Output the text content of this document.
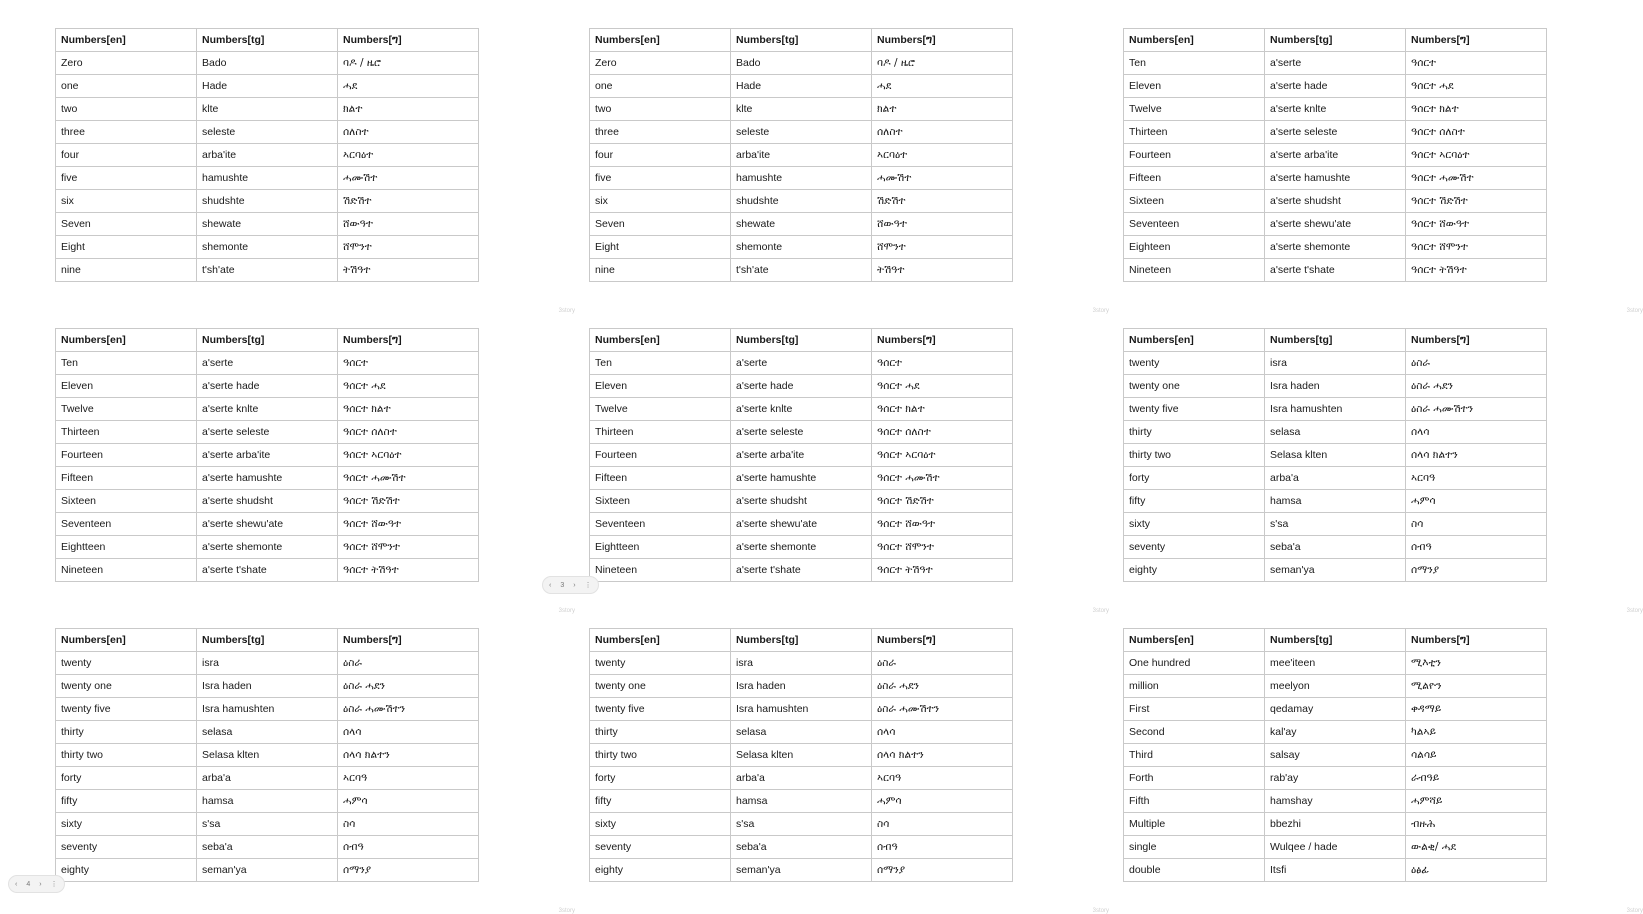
Numbers[en]	Numbers[tg]	Numbers[ግ]
Zero	Bado	ባዶ / ዜሮ
one	Hade	ሓደ
two	klte	ክልተ
three	seleste	ሰለስተ
four	arba'ite	ኣርባዕተ
five	hamushte	ሓሙሽተ
six	shudshte	ሽድሽተ
Seven	shewate	ሸውዓተ
Eight	shemonte	ሸሞንተ
nine	t'sh'ate	ትሽዓተ
3story
Numbers[en]	Numbers[tg]	Numbers[ግ]
Zero	Bado	ባዶ / ዜሮ
one	Hade	ሓደ
two	klte	ክልተ
three	seleste	ሰለስተ
four	arba'ite	ኣርባዕተ
five	hamushte	ሓሙሽተ
six	shudshte	ሽድሽተ
Seven	shewate	ሸውዓተ
Eight	shemonte	ሸሞንተ
nine	t'sh'ate	ትሽዓተ
3story
Numbers[en]	Numbers[tg]	Numbers[ግ]
Ten	a'serte	ዓሰርተ
Eleven	a'serte hade	ዓሰርተ ሓደ
Twelve	a'serte knlte	ዓሰርተ ክልተ
Thirteen	a'serte seleste	ዓሰርተ ሰለስተ
Fourteen	a'serte arba'ite	ዓሰርተ ኣርባዕተ
Fifteen	a'serte hamushte	ዓሰርተ ሓሙሽተ
Sixteen	a'serte shudsht	ዓሰርተ ሽድሽተ
Seventeen	a'serte shewu'ate	ዓሰርተ ሸውዓተ
Eighteen	a'serte shemonte	ዓሰርተ ሸሞንተ
Nineteen	a'serte t'shate	ዓሰርተ ትሽዓተ
3story
Numbers[en]	Numbers[tg]	Numbers[ግ]
Ten	a'serte	ዓሰርተ
Eleven	a'serte hade	ዓሰርተ ሓደ
Twelve	a'serte knlte	ዓሰርተ ክልተ
Thirteen	a'serte seleste	ዓሰርተ ሰለስተ
Fourteen	a'serte arba'ite	ዓሰርተ ኣርባዕተ
Fifteen	a'serte hamushte	ዓሰርተ ሓሙሽተ
Sixteen	a'serte shudsht	ዓሰርተ ሽድሽተ
Seventeen	a'serte shewu'ate	ዓሰርተ ሸውዓተ
Eightteen	a'serte shemonte	ዓሰርተ ሸሞንተ
Nineteen	a'serte t'shate	ዓሰርተ ትሽዓተ
3story
Numbers[en]	Numbers[tg]	Numbers[ግ]
Ten	a'serte	ዓሰርተ
Eleven	a'serte hade	ዓሰርተ ሓደ
Twelve	a'serte knlte	ዓሰርተ ክልተ
Thirteen	a'serte seleste	ዓሰርተ ሰለስተ
Fourteen	a'serte arba'ite	ዓሰርተ ኣርባዕተ
Fifteen	a'serte hamushte	ዓሰርተ ሓሙሽተ
Sixteen	a'serte shudsht	ዓሰርተ ሽድሽተ
Seventeen	a'serte shewu'ate	ዓሰርተ ሸውዓተ
Eightteen	a'serte shemonte	ዓሰርተ ሸሞንተ
Nineteen	a'serte t'shate	ዓሰርተ ትሽዓተ
3story
Numbers[en]	Numbers[tg]	Numbers[ግ]
twenty	isra	ዕስራ
twenty one	Isra haden	ዕስራ ሓደን
twenty five	Isra hamushten	ዕስራ ሓሙሽተን
thirty	selasa	ሰላሳ
thirty two	Selasa klten	ሰላሳ ክልተን
forty	arba'a	ኣርባዓ
fifty	hamsa	ሓምሳ
sixty	s'sa	ስሳ
seventy	seba'a	ሰብዓ
eighty	seman'ya	ሰማንያ
3story
Numbers[en]	Numbers[tg]	Numbers[ግ]
twenty	isra	ዕስራ
twenty one	Isra haden	ዕስራ ሓደን
twenty five	Isra hamushten	ዕስራ ሓሙሽተን
thirty	selasa	ሰላሳ
thirty two	Selasa klten	ሰላሳ ክልተን
forty	arba'a	ኣርባዓ
fifty	hamsa	ሓምሳ
sixty	s'sa	ስሳ
seventy	seba'a	ሰብዓ
eighty	seman'ya	ሰማንያ
3story
Numbers[en]	Numbers[tg]	Numbers[ግ]
twenty	isra	ዕስራ
twenty one	Isra haden	ዕስራ ሓደን
twenty five	Isra hamushten	ዕስራ ሓሙሽተን
thirty	selasa	ሰላሳ
thirty two	Selasa klten	ሰላሳ ክልተን
forty	arba'a	ኣርባዓ
fifty	hamsa	ሓምሳ
sixty	s'sa	ስሳ
seventy	seba'a	ሰብዓ
eighty	seman'ya	ሰማንያ
3story
Numbers[en]	Numbers[tg]	Numbers[ግ]
One hundred	mee'iteen	ሚእቲን
million	meelyon	ሚልዮን
First	qedamay	ቀዳማይ
Second	kal'ay	ካልኣይ
Third	salsay	ሳልሳይ
Forth	rab'ay	ራብዓይ
Fifth	hamshay	ሓምሻይ
Multiple	bbezhi	ብዙሕ
single	Wulqee / hade	ውልቂ/ ሓደ
double	Itsfi	ዕፅፊ
3story
‹ 3 › ⋮
‹ 4 › ⋮
